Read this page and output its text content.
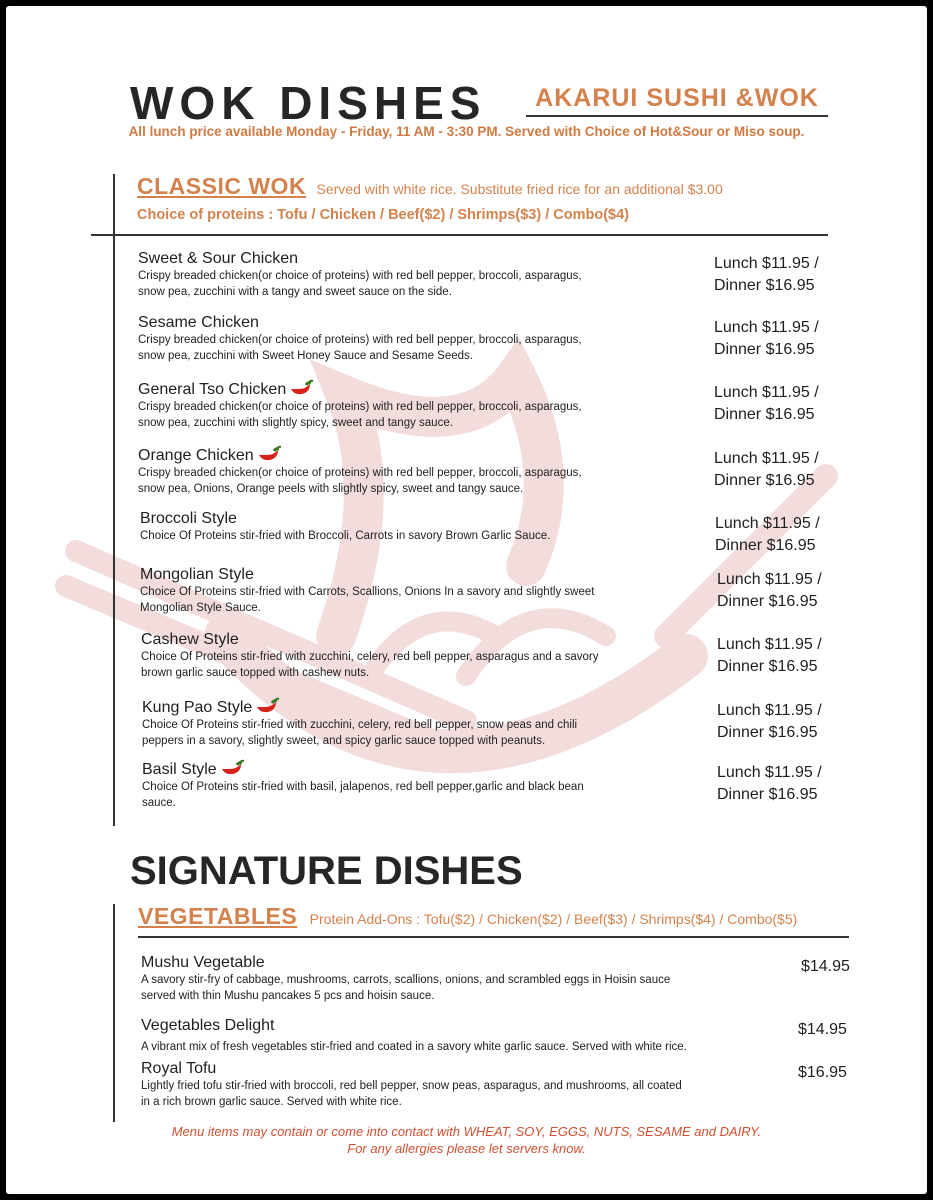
WOK DISHES	AKARUI SUSHI &WOK
All lunch price available Monday - Friday, 11 AM - 3:30 PM. Served with Choice of Hot&Sour or Miso soup.
CLASSIC WOK Served with white rice. Substitute fried rice for an additional $3.00
Choice of proteins : Tofu / Chicken / Beef($2) / Shrimps($3) / Combo($4)
Sweet & Sour Chicken
Crispy breaded chicken(or choice of proteins) with red bell pepper, broccoli, asparagus,
snow pea, zucchini with a tangy and sweet sauce on the side.
Lunch $11.95 /
Dinner $16.95
Sesame Chicken
Crispy breaded chicken(or choice of proteins) with red bell pepper, broccoli, asparagus,
snow pea, zucchini with Sweet Honey Sauce and Sesame Seeds.
Lunch $11.95 /
Dinner $16.95
General Tso Chicken
Crispy breaded chicken(or choice of proteins) with red bell pepper, broccoli, asparagus,
snow pea, zucchini with slightly spicy, sweet and tangy sauce.
Lunch $11.95 /
Dinner $16.95
Orange Chicken
Crispy breaded chicken(or choice of proteins) with red bell pepper, broccoli, asparagus,
snow pea, Onions, Orange peels with slightly spicy, sweet and tangy sauce.
Lunch $11.95 /
Dinner $16.95
Broccoli Style
Choice Of Proteins stir-fried with Broccoli, Carrots in savory Brown Garlic Sauce.
Lunch $11.95 /
Dinner $16.95
Mongolian Style
Choice Of Proteins stir-fried with Carrots, Scallions, Onions In a savory and slightly sweet
Mongolian Style Sauce.
Lunch $11.95 /
Dinner $16.95
Cashew Style
Choice Of Proteins stir-fried with zucchini, celery, red bell pepper, asparagus and a savory
brown garlic sauce topped with cashew nuts.
Lunch $11.95 /
Dinner $16.95
Kung Pao Style
Choice Of Proteins stir-fried with zucchini, celery, red bell pepper, snow peas and chili
peppers in a savory, slightly sweet, and spicy garlic sauce topped with peanuts.
Lunch $11.95 /
Dinner $16.95
Basil Style
Choice Of Proteins stir-fried with basil, jalapenos, red bell pepper,garlic and black bean
sauce.
Lunch $11.95 /
Dinner $16.95
SIGNATURE DISHES
VEGETABLES Protein Add-Ons : Tofu($2) / Chicken($2) / Beef($3) / Shrimps($4) / Combo($5)
Mushu Vegetable
A savory stir-fry of cabbage, mushrooms, carrots, scallions, onions, and scrambled eggs in Hoisin sauce
served with thin Mushu pancakes 5 pcs and hoisin sauce.
$14.95
Vegetables Delight
A vibrant mix of fresh vegetables stir-fried and coated in a savory white garlic sauce. Served with white rice.
$14.95
Royal Tofu
Lightly fried tofu stir-fried with broccoli, red bell pepper, snow peas, asparagus, and mushrooms, all coated
in a rich brown garlic sauce. Served with white rice.
$16.95
Menu items may contain or come into contact with WHEAT, SOY, EGGS, NUTS, SESAME and DAIRY.
For any allergies please let servers know.
